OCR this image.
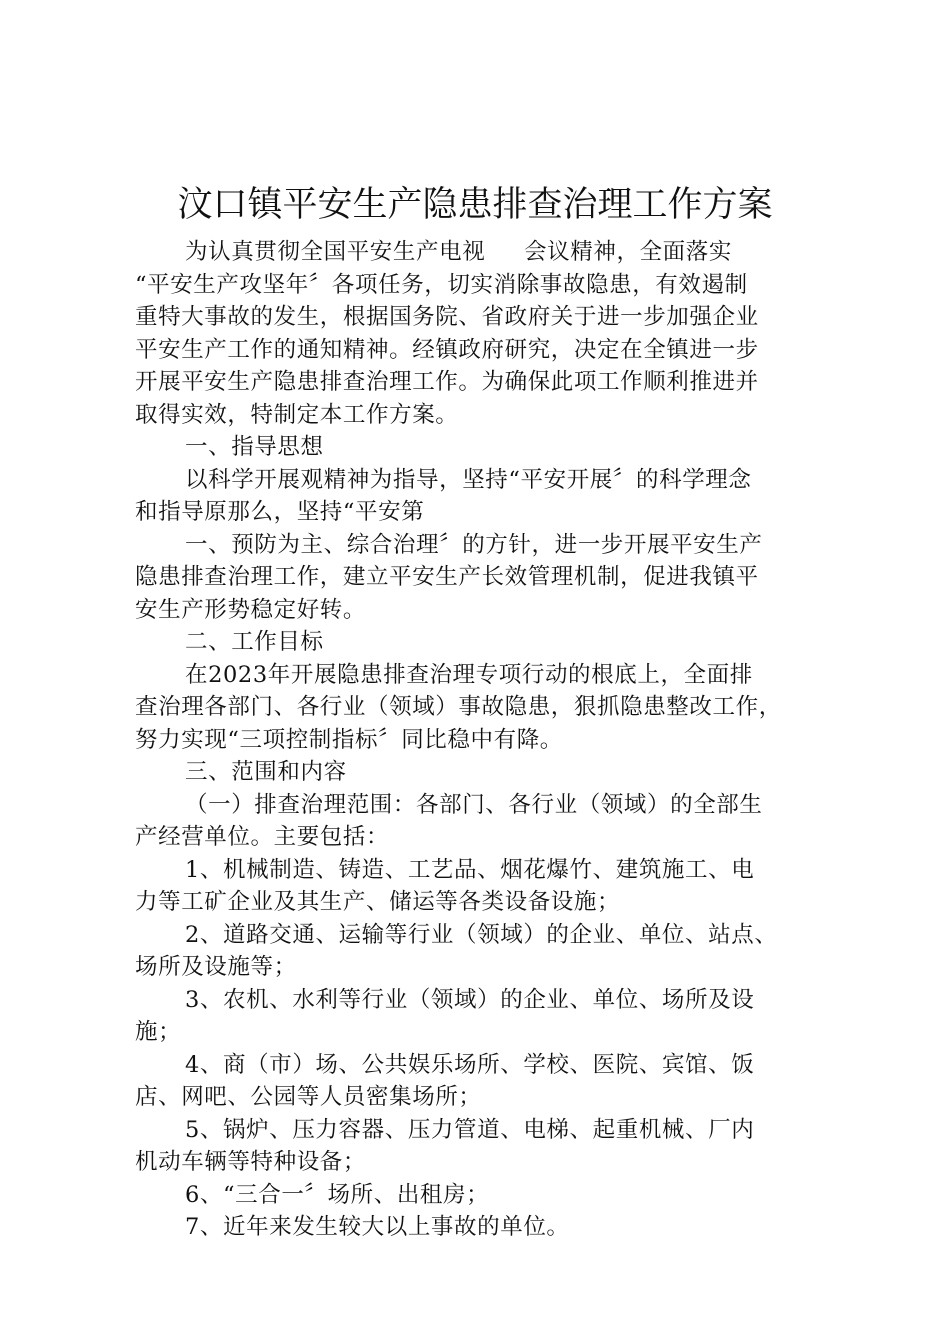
汶口镇平安生产隐患排查治理工作方案

为认真贯彻全国平安生产电视     会议精神，全面落实

“平安生产攻坚年〞各项任务，切实消除事故隐患，有效遏制

重特大事故的发生，根据国务院、省政府关于进一步加强企业

平安生产工作的通知精神。经镇政府研究，决定在全镇进一步

开展平安生产隐患排查治理工作。为确保此项工作顺利推进并

取得实效，特制定本工作方案。

一、指导思想

以科学开展观精神为指导，坚持“平安开展〞的科学理念

和指导原那么，坚持“平安第

一、预防为主、综合治理〞的方针，进一步开展平安生产

隐患排查治理工作，建立平安生产长效管理机制，促进我镇平

安生产形势稳定好转。

二、工作目标

在2023年开展隐患排查治理专项行动的根底上，全面排

查治理各部门、各行业（领域）事故隐患，狠抓隐患整改工作，

努力实现“三项控制指标〞同比稳中有降。

三、范围和内容

（一）排查治理范围：各部门、各行业（领域）的全部生

产经营单位。主要包括：

1、机械制造、铸造、工艺品、烟花爆竹、建筑施工、电

力等工矿企业及其生产、储运等各类设备设施；

2、道路交通、运输等行业（领域）的企业、单位、站点、

场所及设施等；

3、农机、水利等行业（领域）的企业、单位、场所及设

施；

4、商（市）场、公共娱乐场所、学校、医院、宾馆、饭

店、网吧、公园等人员密集场所；

5、锅炉、压力容器、压力管道、电梯、起重机械、厂内

机动车辆等特种设备；

6、“三合一〞场所、出租房；

7、近年来发生较大以上事故的单位。
